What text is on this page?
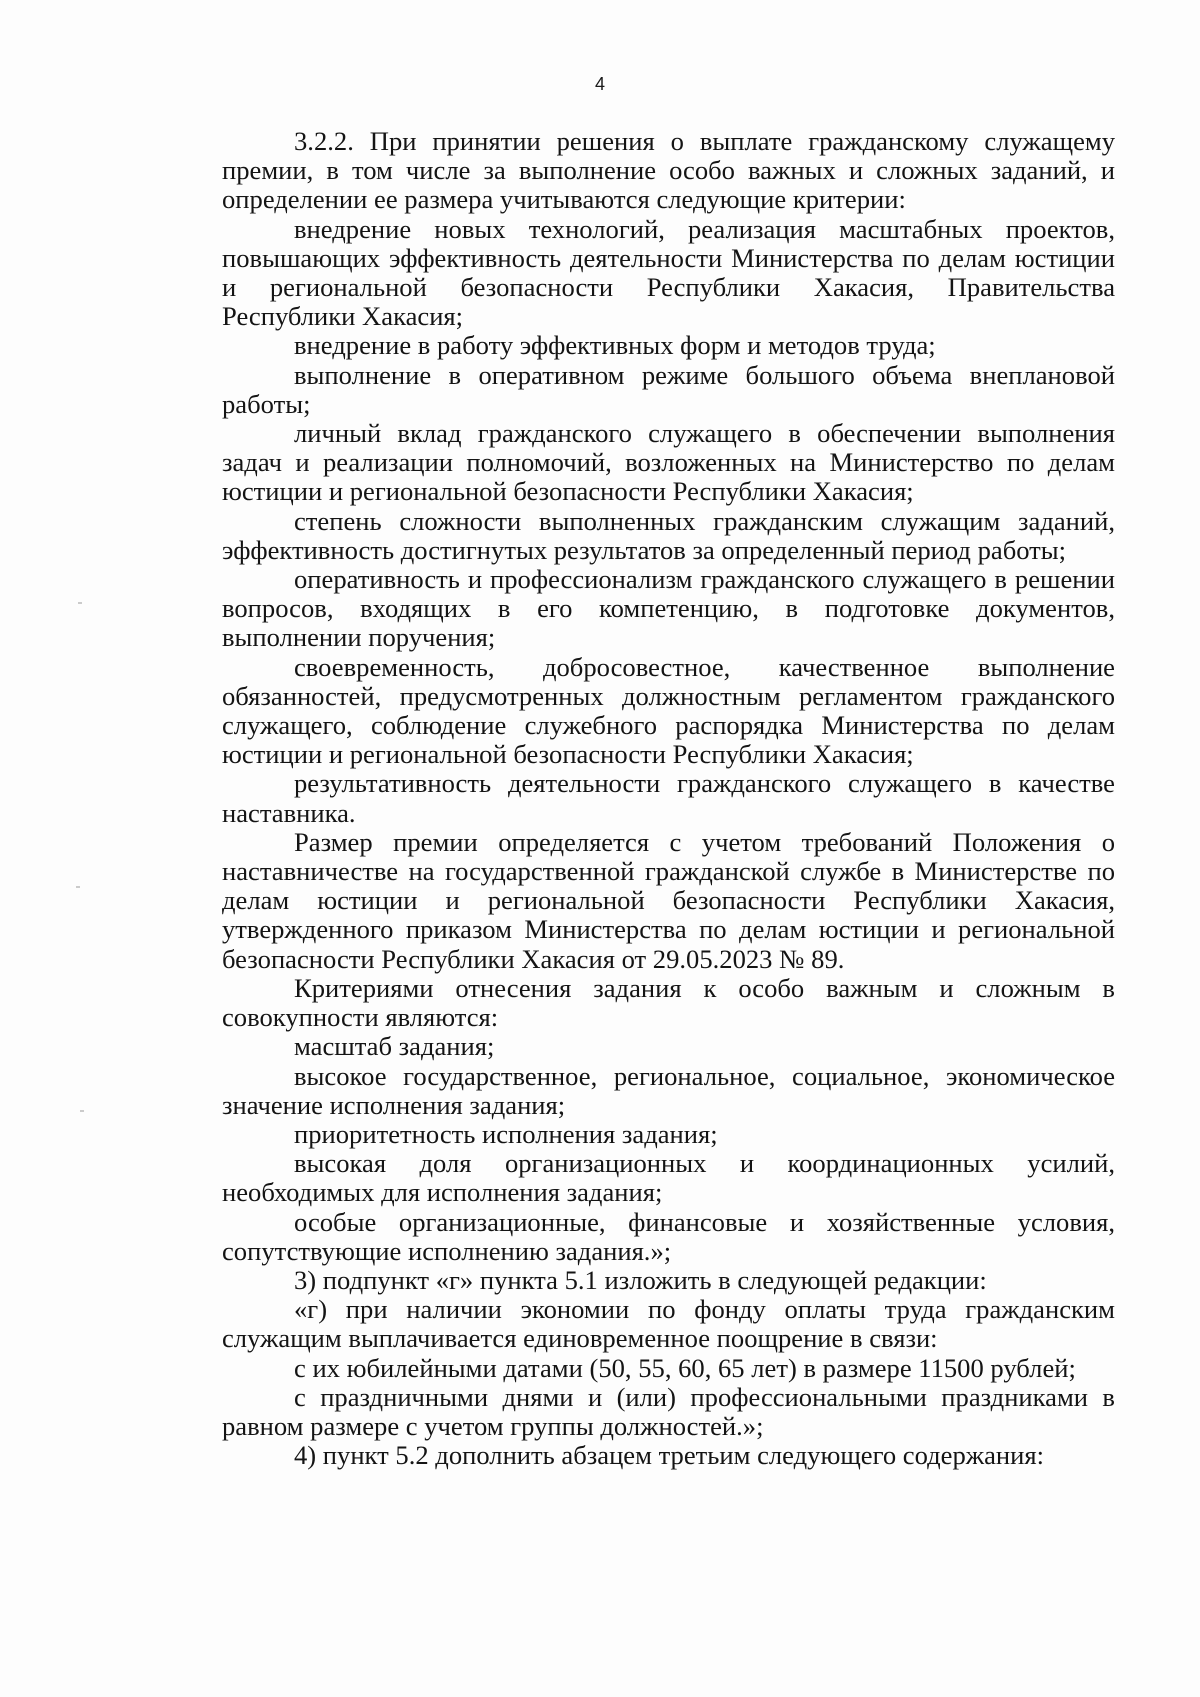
4

3.2.2. При принятии решения о выплате гражданскому служащему премии, в том числе за выполнение особо важных и сложных заданий, и определении ее размера учитываются следующие критерии:

внедрение новых технологий, реализация масштабных проектов, повышающих эффективность деятельности Министерства по делам юстиции и региональной безопасности Республики Хакасия, Правительства Республики Хакасия;

внедрение в работу эффективных форм и методов труда;

выполнение в оперативном режиме большого объема внеплановой работы;

личный вклад гражданского служащего в обеспечении выполнения задач и реализации полномочий, возложенных на Министерство по делам юстиции и региональной безопасности Республики Хакасия;

степень сложности выполненных гражданским служащим заданий, эффективность достигнутых результатов за определенный период работы;

оперативность и профессионализм гражданского служащего в решении вопросов, входящих в его компетенцию, в подготовке документов, выполнении поручения;

своевременность, добросовестное, качественное выполнение обязанностей, предусмотренных должностным регламентом гражданского служащего, соблюдение служебного распорядка Министерства по делам юстиции и региональной безопасности Республики Хакасия;

результативность деятельности гражданского служащего в качестве наставника.

Размер премии определяется с учетом требований Положения о наставничестве на государственной гражданской службе в Министерстве по делам юстиции и региональной безопасности Республики Хакасия, утвержденного приказом Министерства по делам юстиции и региональной безопасности Республики Хакасия от 29.05.2023 № 89.

Критериями отнесения задания к особо важным и сложным в совокупности являются:

масштаб задания;

высокое государственное, региональное, социальное, экономическое значение исполнения задания;

приоритетность исполнения задания;

высокая доля организационных и координационных усилий, необходимых для исполнения задания;

особые организационные, финансовые и хозяйственные условия, сопутствующие исполнению задания.»;

3) подпункт «г» пункта 5.1 изложить в следующей редакции:

«г) при наличии экономии по фонду оплаты труда гражданским служащим выплачивается единовременное поощрение в связи:

с их юбилейными датами (50, 55, 60, 65 лет) в размере 11500 рублей;

с праздничными днями и (или) профессиональными праздниками в равном размере с учетом группы должностей.»;

4) пункт 5.2 дополнить абзацем третьим следующего содержания:
